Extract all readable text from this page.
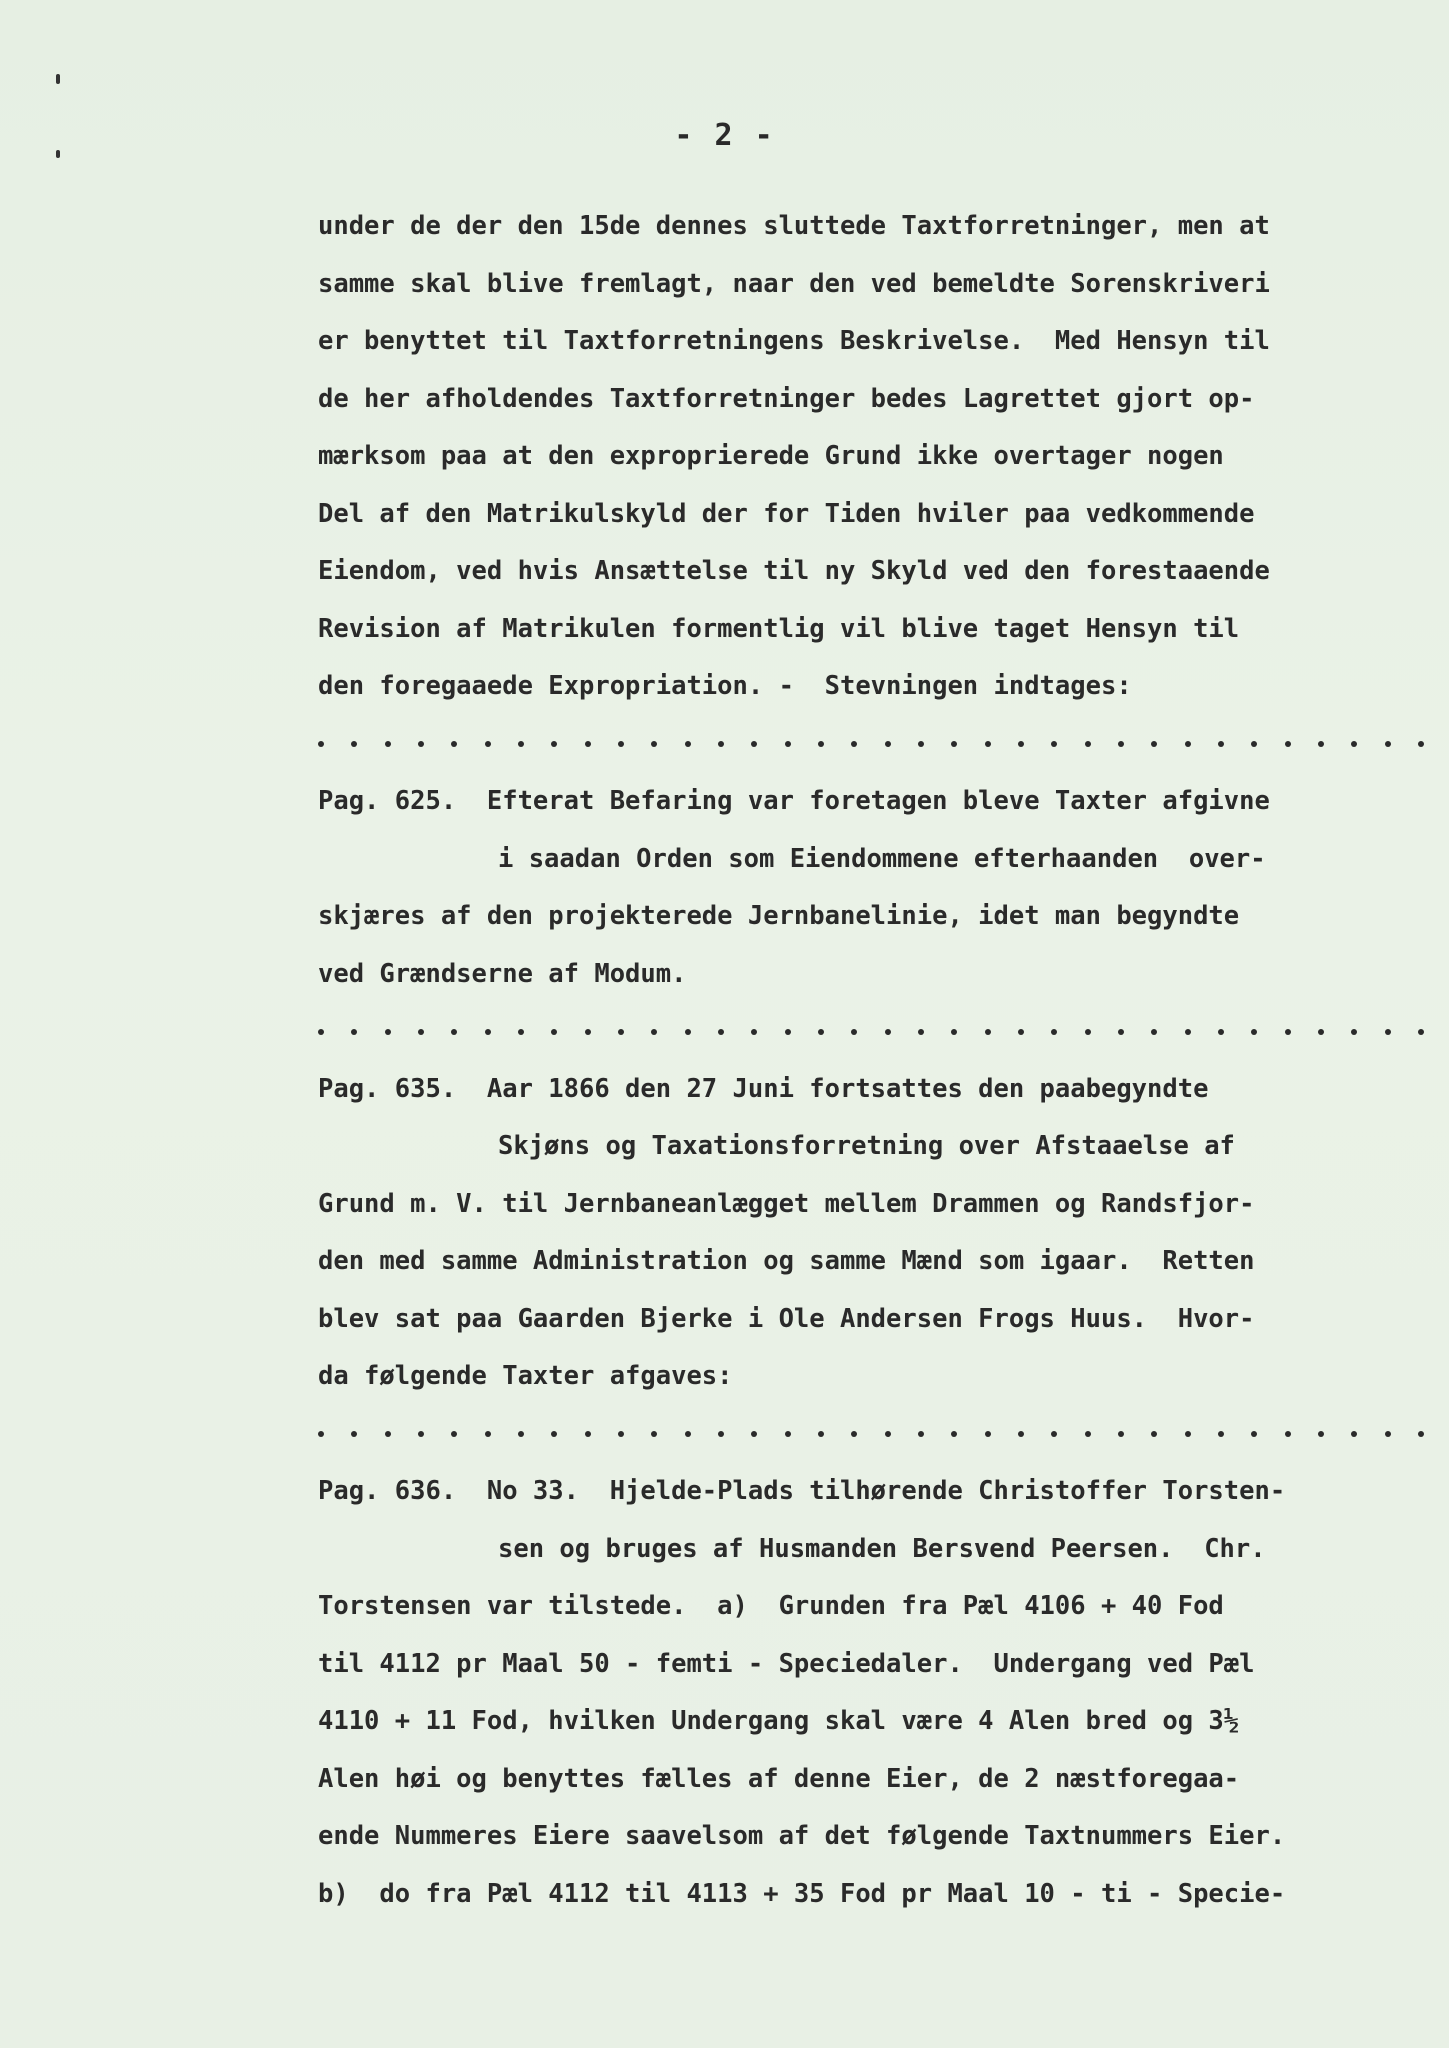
- 2 -
under de der den 15de dennes sluttede Taxtforretninger, men at
samme skal blive fremlagt, naar den ved bemeldte Sorenskriveri
er benyttet til Taxtforretningens Beskrivelse.  Med Hensyn til
de her afholdendes Taxtforretninger bedes Lagrettet gjort op-
mærksom paa at den exproprierede Grund ikke overtager nogen
Del af den Matrikulskyld der for Tiden hviler paa vedkommende
Eiendom, ved hvis Ansættelse til ny Skyld ved den forestaaende
Revision af Matrikulen formentlig vil blive taget Hensyn til
den foregaaede Expropriation. -  Stevningen indtages:
Pag. 625.  Efterat Befaring var foretagen bleve Taxter afgivne
i saadan Orden som Eiendommene efterhaanden  over-
skjæres af den projekterede Jernbanelinie, idet man begyndte
ved Grændserne af Modum.
Pag. 635.  Aar 1866 den 27 Juni fortsattes den paabegyndte
Skjøns og Taxationsforretning over Afstaaelse af
Grund m. V. til Jernbaneanlægget mellem Drammen og Randsfjor-
den med samme Administration og samme Mænd som igaar.  Retten
blev sat paa Gaarden Bjerke i Ole Andersen Frogs Huus.  Hvor-
da følgende Taxter afgaves:
Pag. 636.  No 33.  Hjelde-Plads tilhørende Christoffer Torsten-
sen og bruges af Husmanden Bersvend Peersen.  Chr.
Torstensen var tilstede.  a)  Grunden fra Pæl 4106 + 40 Fod
til 4112 pr Maal 50 - femti - Speciedaler.  Undergang ved Pæl
4110 + 11 Fod, hvilken Undergang skal være 4 Alen bred og 3½
Alen høi og benyttes fælles af denne Eier, de 2 næstforegaa-
ende Nummeres Eiere saavelsom af det følgende Taxtnummers Eier.
b)  do fra Pæl 4112 til 4113 + 35 Fod pr Maal 10 - ti - Specie-
